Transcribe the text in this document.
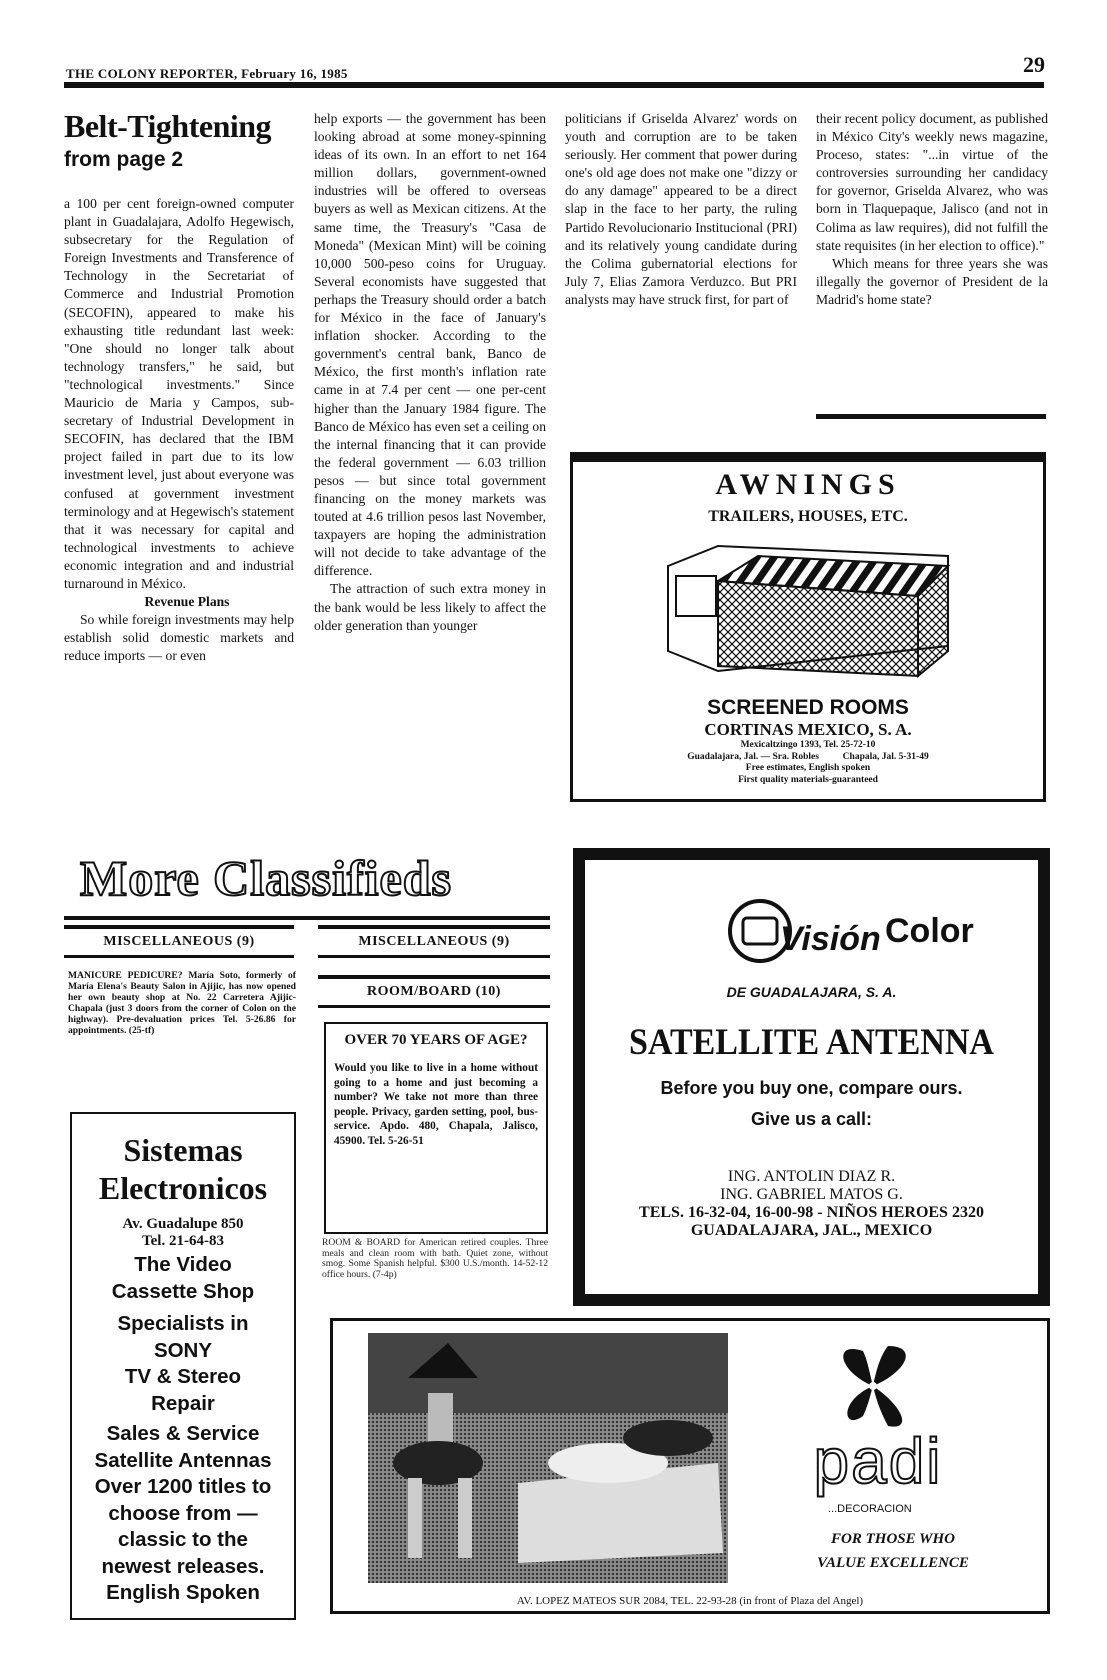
THE COLONY REPORTER, February 16, 1985	29
Belt-Tightening
from page 2

a 100 per cent foreign-owned computer plant in Guadalajara, Adolfo Hegewisch, subsecretary for the Regulation of Foreign Investments and Transference of Technology in the Secretariat of Commerce and Industrial Promotion (SECOFIN), appeared to make his exhausting title redundant last week: "One should no longer talk about technology transfers," he said, but "technological investments." Since Mauricio de Maria y Campos, sub-secretary of Industrial Development in SECOFIN, has declared that the IBM project failed in part due to its low investment level, just about everyone was confused at government investment terminology and at Hegewisch's statement that it was necessary for capital and technological investments to achieve economic integration and and industrial turnaround in México.

Revenue Plans

So while foreign investments may help establish solid domestic markets and reduce imports — or even

help exports — the government has been looking abroad at some money-spinning ideas of its own. In an effort to net 164 million dollars, government-owned industries will be offered to overseas buyers as well as Mexican citizens. At the same time, the Treasury's "Casa de Moneda" (Mexican Mint) will be coining 10,000 500-peso coins for Uruguay. Several economists have suggested that perhaps the Treasury should order a batch for México in the face of January's inflation shocker. According to the government's central bank, Banco de México, the first month's inflation rate came in at 7.4 per cent — one per-cent higher than the January 1984 figure. The Banco de México has even set a ceiling on the internal financing that it can provide the federal government — 6.03 trillion pesos — but since total government financing on the money markets was touted at 4.6 trillion pesos last November, taxpayers are hoping the administration will not decide to take advantage of the difference.

The attraction of such extra money in the bank would be less likely to affect the older generation than younger

politicians if Griselda Alvarez' words on youth and corruption are to be taken seriously. Her comment that power during one's old age does not make one "dizzy or do any damage" appeared to be a direct slap in the face to her party, the ruling Partido Revolucionario Institucional (PRI) and its relatively young candidate during the Colima gubernatorial elections for July 7, Elias Zamora Verduzco. But PRI analysts may have struck first, for part of

their recent policy document, as published in México City's weekly news magazine, Proceso, states: "...in virtue of the controversies surrounding her candidacy for governor, Griselda Alvarez, who was born in Tlaquepaque, Jalisco (and not in Colima as law requires), did not fulfill the state requisites (in her election to office)."

Which means for three years she was illegally the governor of President de la Madrid's home state?

AWNINGS
TRAILERS, HOUSES, ETC.
SCREENED ROOMS
CORTINAS MEXICO, S. A.
Mexicaltzingo 1393, Tel. 25-72-10
Guadalajara, Jal. — Sra. Robles          Chapala, Jal. 5-31-49
Free estimates, English spoken
First quality materials-guaranteed
More Classifieds
MISCELLANEOUS (9)
MANICURE PEDICURE? María Soto, formerly of María Elena's Beauty Salon in Ajijic, has now opened her own beauty shop at No. 22 Carretera Ajijic-Chapala (just 3 doors from the corner of Colon on the highway). Pre-devaluation prices Tel. 5-26.86 for appointments. (25-tf)
MISCELLANEOUS (9)
ROOM/BOARD (10)
OVER 70 YEARS OF AGE?
Would you like to live in a home without going to a home and just becoming a number? We take not more than three people. Privacy, garden setting, pool, bus-service. Apdo. 480, Chapala, Jalisco, 45900. Tel. 5-26-51
ROOM & BOARD for American retired couples. Three meals and clean room with bath. Quiet zone, without smog. Some Spanish helpful. $300 U.S./month. 14-52-12 office hours. (7-4p)
Sistemas
Electronicos
Av. Guadalupe 850
Tel. 21-64-83
The Video
Cassette Shop
Specialists in
SONY
TV & Stereo
Repair
Sales & Service
Satellite Antennas
Over 1200 titles to
choose from —
classic to the
newest releases.
English Spoken
Visión Color
DE GUADALAJARA, S. A.
SATELLITE ANTENNA
Before you buy one, compare ours.
Give us a call:
ING. ANTOLIN DIAZ R.
ING. GABRIEL MATOS G.
TELS. 16-32-04, 16-00-98 - NIÑOS HEROES 2320
GUADALAJARA, JAL., MEXICO
padi
...DECORACION
FOR THOSE WHO
VALUE EXCELLENCE
AV. LOPEZ MATEOS SUR 2084, TEL. 22-93-28 (in front of Plaza del Angel)
